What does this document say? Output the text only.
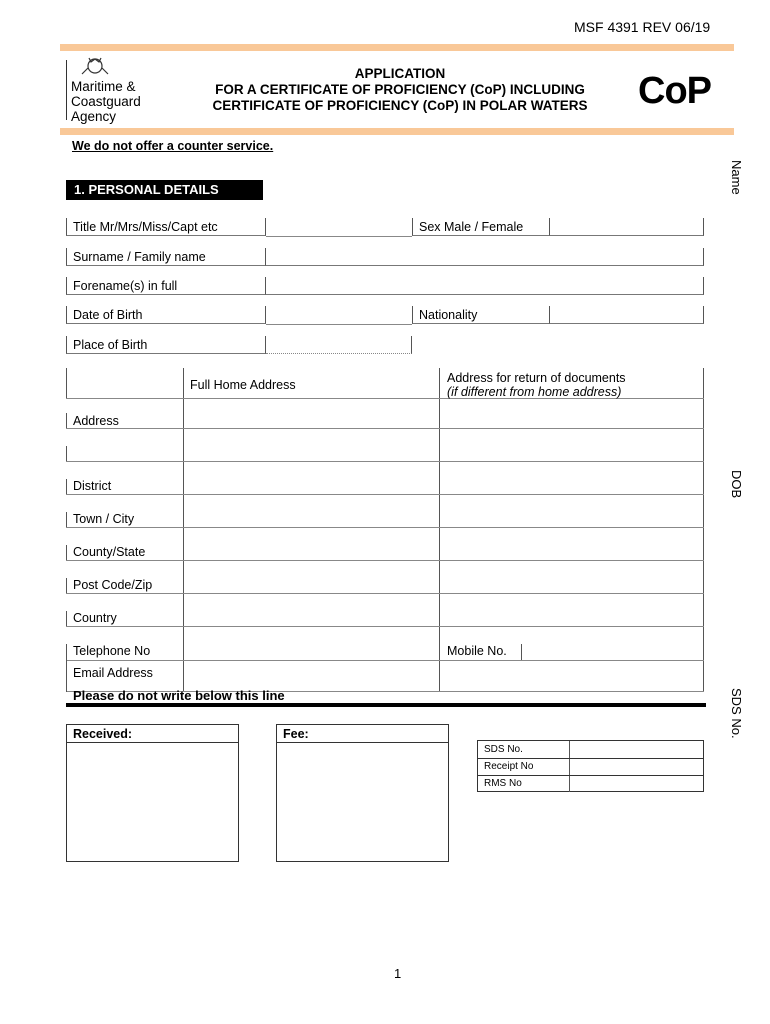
MSF 4391 REV 06/19
Maritime &
Coastguard
Agency
APPLICATION
FOR A CERTIFICATE OF PROFICIENCY (CoP) INCLUDING
CERTIFICATE OF PROFICIENCY (CoP) IN POLAR WATERS	CoP
We do not offer a counter service.
Name
DOB
SDS No.
1. PERSONAL DETAILS
Title Mr/Mrs/Miss/Capt etc	Sex Male / Female
Surname / Family name
Forename(s) in full
Date of Birth	Nationality
Place of Birth
Full Home Address	Address for return of documents
(if different from home address)
Address
District
Town / City
County/State
Post Code/Zip
Country
Telephone No	Mobile No.
Email Address
Please do not write below this line
Received:	Fee:
SDS No.
Receipt No
RMS No
1
